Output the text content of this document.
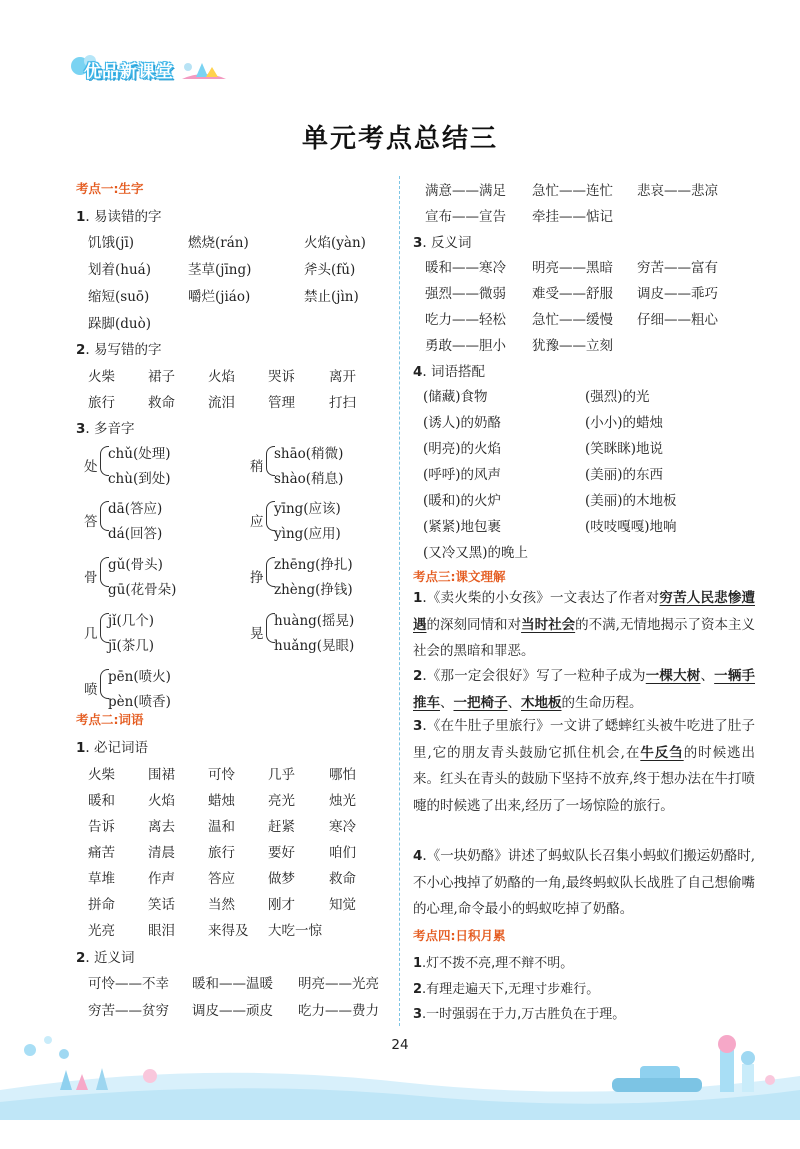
优品新课堂
单元考点总结三
考点一:生字
1. 易读错的字
饥饿(jī)	燃烧(rán)	火焰(yàn)
划着(huá)	茎草(jīng)	斧头(fǔ)
缩短(suō)	嚼烂(jiáo)	禁止(jìn)
跺脚(duò)
2. 易写错的字
火柴 裙子 火焰 哭诉	离开
旅行 救命 流泪 管理	打扫
3. 多音字
处
chǔ(处理)
chù(到处)
稍
shāo(稍微)
shào(稍息)
答
dā(答应)
dá(回答)
应
yīng(应该)
yìng(应用)
骨
gǔ(骨头)
gū(花骨朵)
挣
zhēng(挣扎)
zhèng(挣钱)
几
jǐ(几个)
jī(茶几)
晃
huàng(摇晃)
huǎng(晃眼)
喷
pēn(喷火)
pèn(喷香)
考点二:词语
1. 必记词语
火柴 围裙 可怜 几乎	哪怕
暖和 火焰 蜡烛 亮光	烛光
告诉 离去 温和 赶紧	寒冷
痛苦 清晨 旅行 要好	咱们
草堆 作声 答应 做梦	救命
拼命 笑话 当然 刚才	知觉
光亮 眼泪 来得及 大吃一惊
2. 近义词
可怜——不幸 暖和——温暖 明亮——光亮
穷苦——贫穷 调皮——顽皮 吃力——费力
满意——满足 急忙——连忙 悲哀——悲凉
宣布——宣告 牵挂——惦记
3. 反义词
暖和——寒冷 明亮——黑暗 穷苦——富有
强烈——微弱 难受——舒服 调皮——乖巧
吃力——轻松 急忙——缓慢 仔细——粗心
勇敢——胆小 犹豫——立刻
4. 词语搭配
(储藏)食物	(强烈)的光
(诱人)的奶酪	(小小)的蜡烛
(明亮)的火焰	(笑眯眯)地说
(呼呼)的风声	(美丽)的东西
(暖和)的火炉	(美丽)的木地板
(紧紧)地包裹	(吱吱嘎嘎)地响
(又冷又黑)的晚上
考点三:课文理解
1.《卖火柴的小女孩》一文表达了作者对穷苦人民悲惨遭遇的深刻同情和对当时社会的不满,无情地揭示了资本主义社会的黑暗和罪恶。
2.《那一定会很好》写了一粒种子成为一棵大树、一辆手推车、一把椅子、木地板的生命历程。
3.《在牛肚子里旅行》一文讲了蟋蟀红头被牛吃进了肚子里,它的朋友青头鼓励它抓住机会,在牛反刍的时候逃出来。红头在青头的鼓励下坚持不放弃,终于想办法在牛打喷嚏的时候逃了出来,经历了一场惊险的旅行。
4.《一块奶酪》讲述了蚂蚁队长召集小蚂蚁们搬运奶酪时,不小心拽掉了奶酪的一角,最终蚂蚁队长战胜了自己想偷嘴的心理,命令最小的蚂蚁吃掉了奶酪。
考点四:日积月累
1.灯不拨不亮,理不辩不明。
2.有理走遍天下,无理寸步难行。
3.一时强弱在于力,万古胜负在于理。
24
